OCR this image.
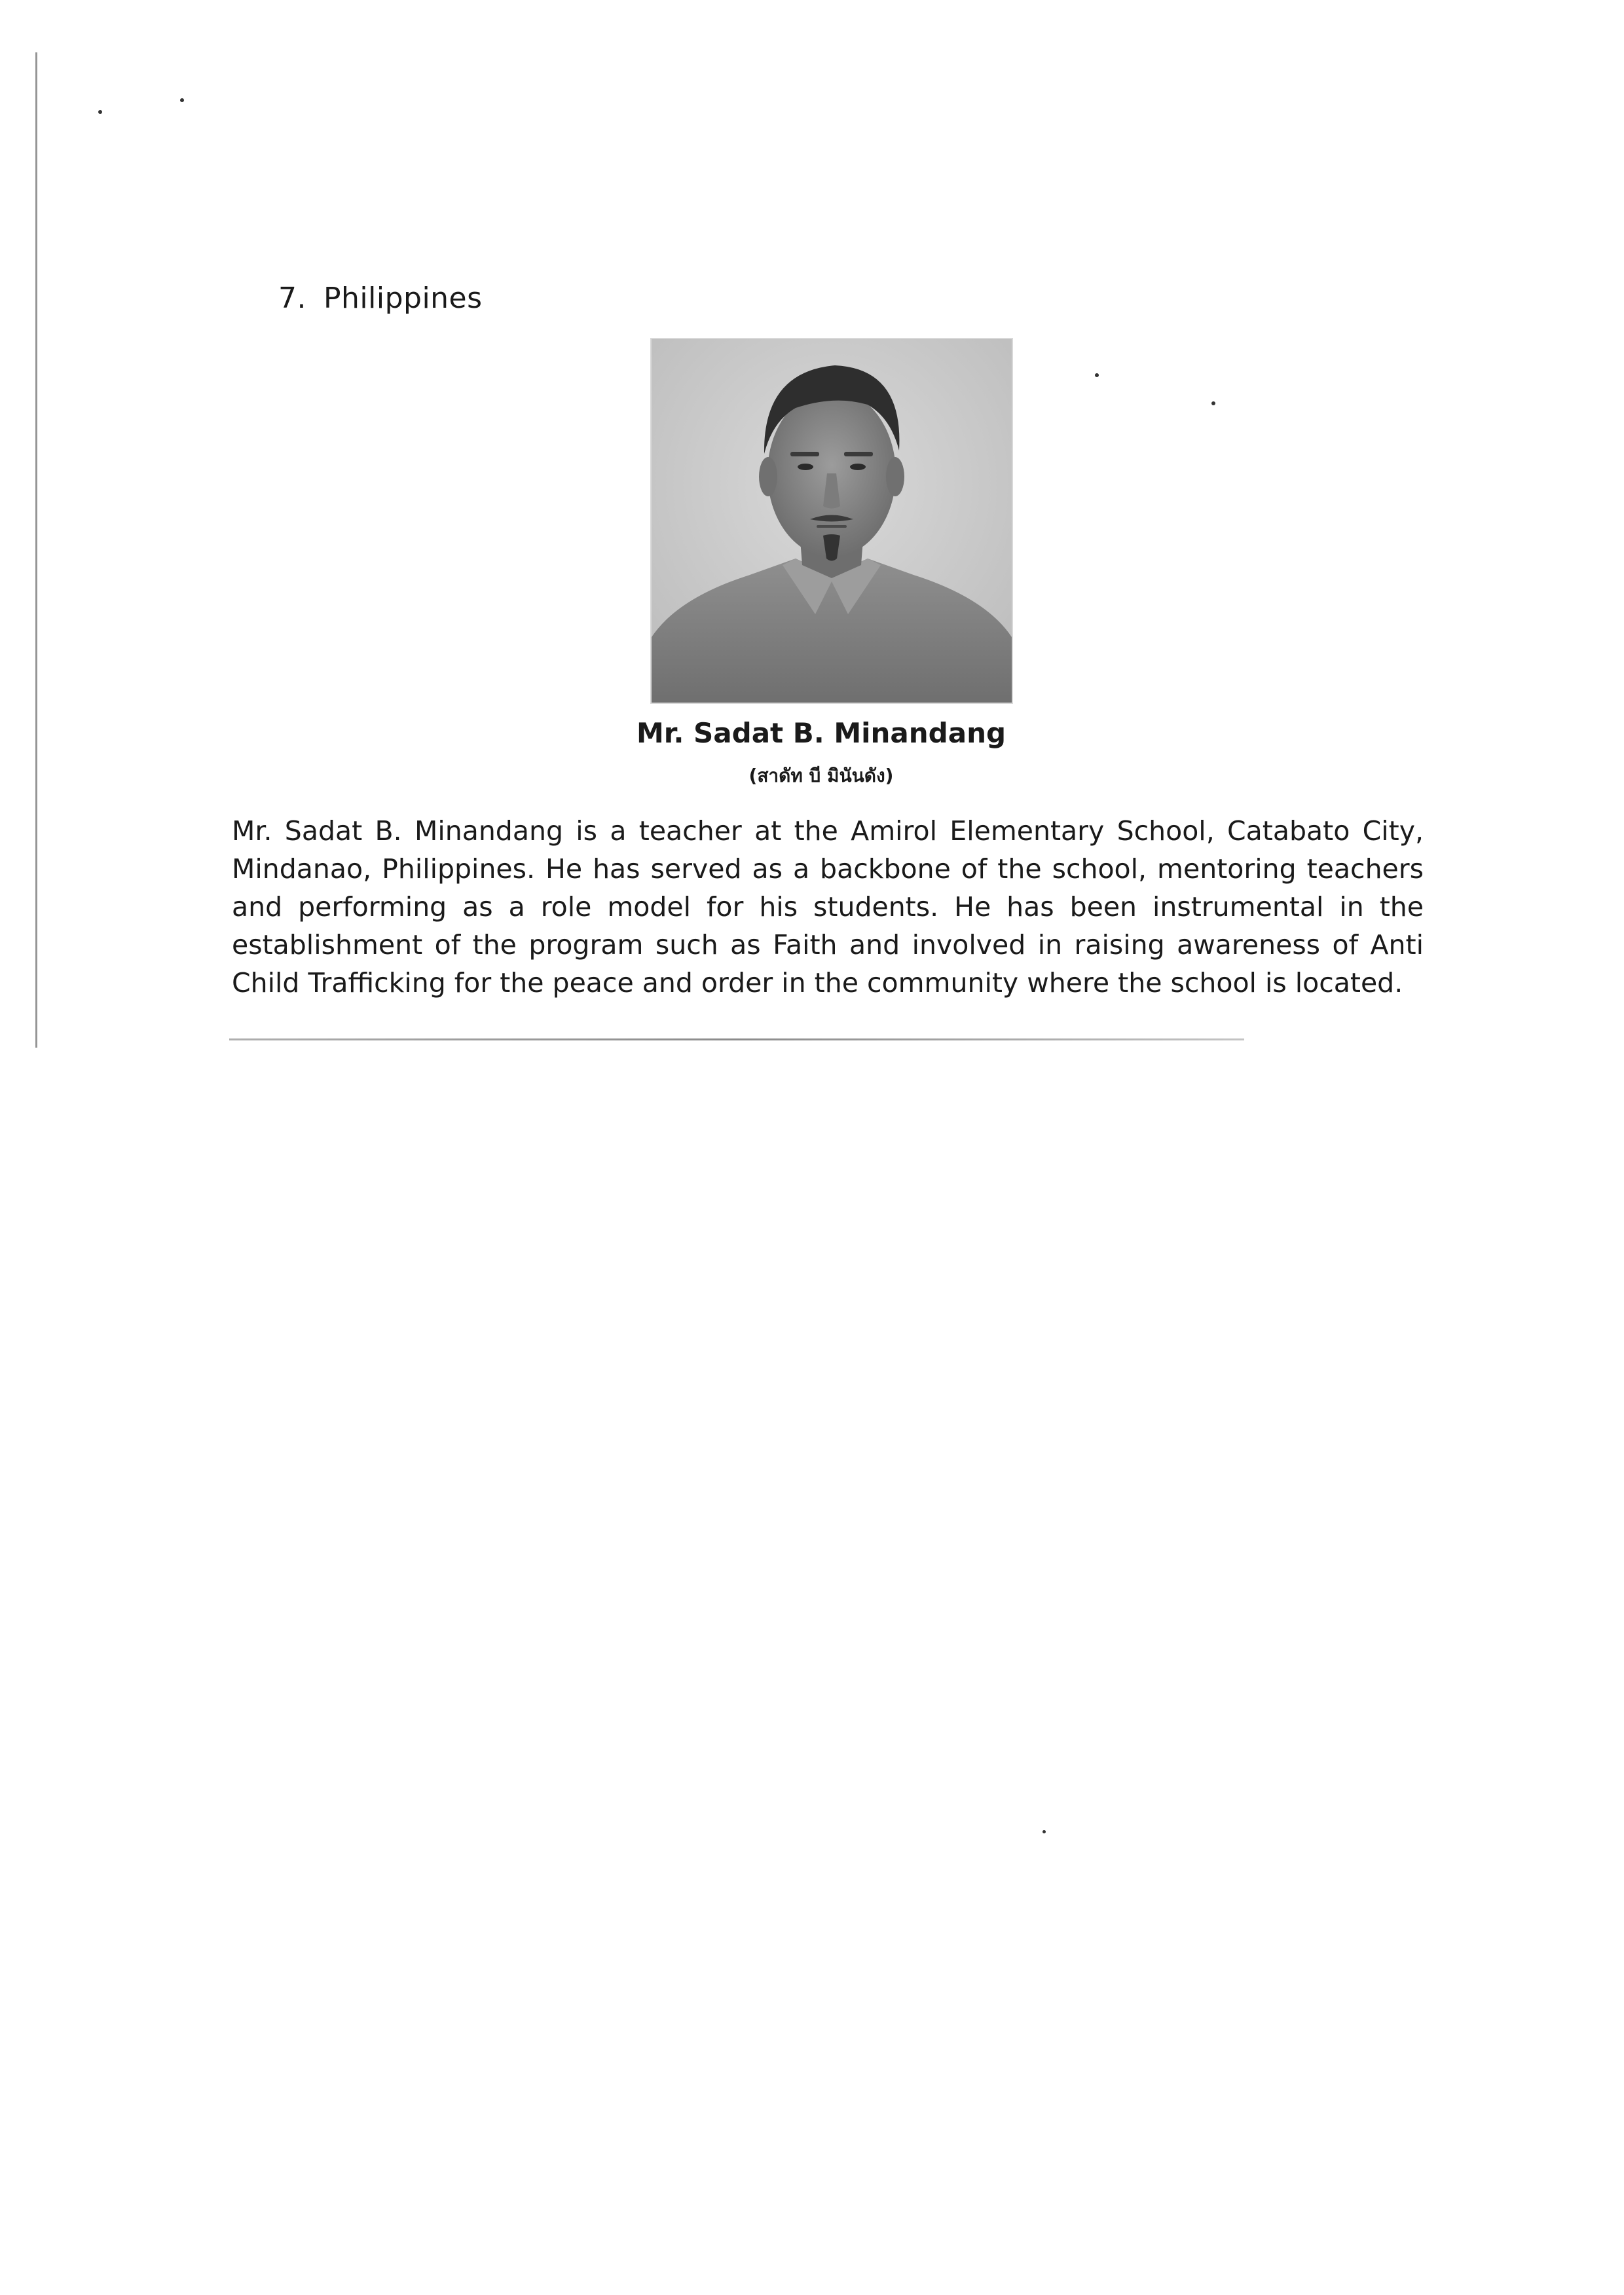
7. Philippines

Mr. Sadat B. Minandang

(สาดัท บี มินันดัง)

Mr. Sadat B. Minandang is a teacher at the Amirol Elementary School, Catabato City, Mindanao, Philippines. He has served as a backbone of the school, mentoring teachers and performing as a role model for his students. He has been instrumental in the establishment of the program such as Faith and involved in raising awareness of Anti Child Trafficking for the peace and order in the community where the school is located.
